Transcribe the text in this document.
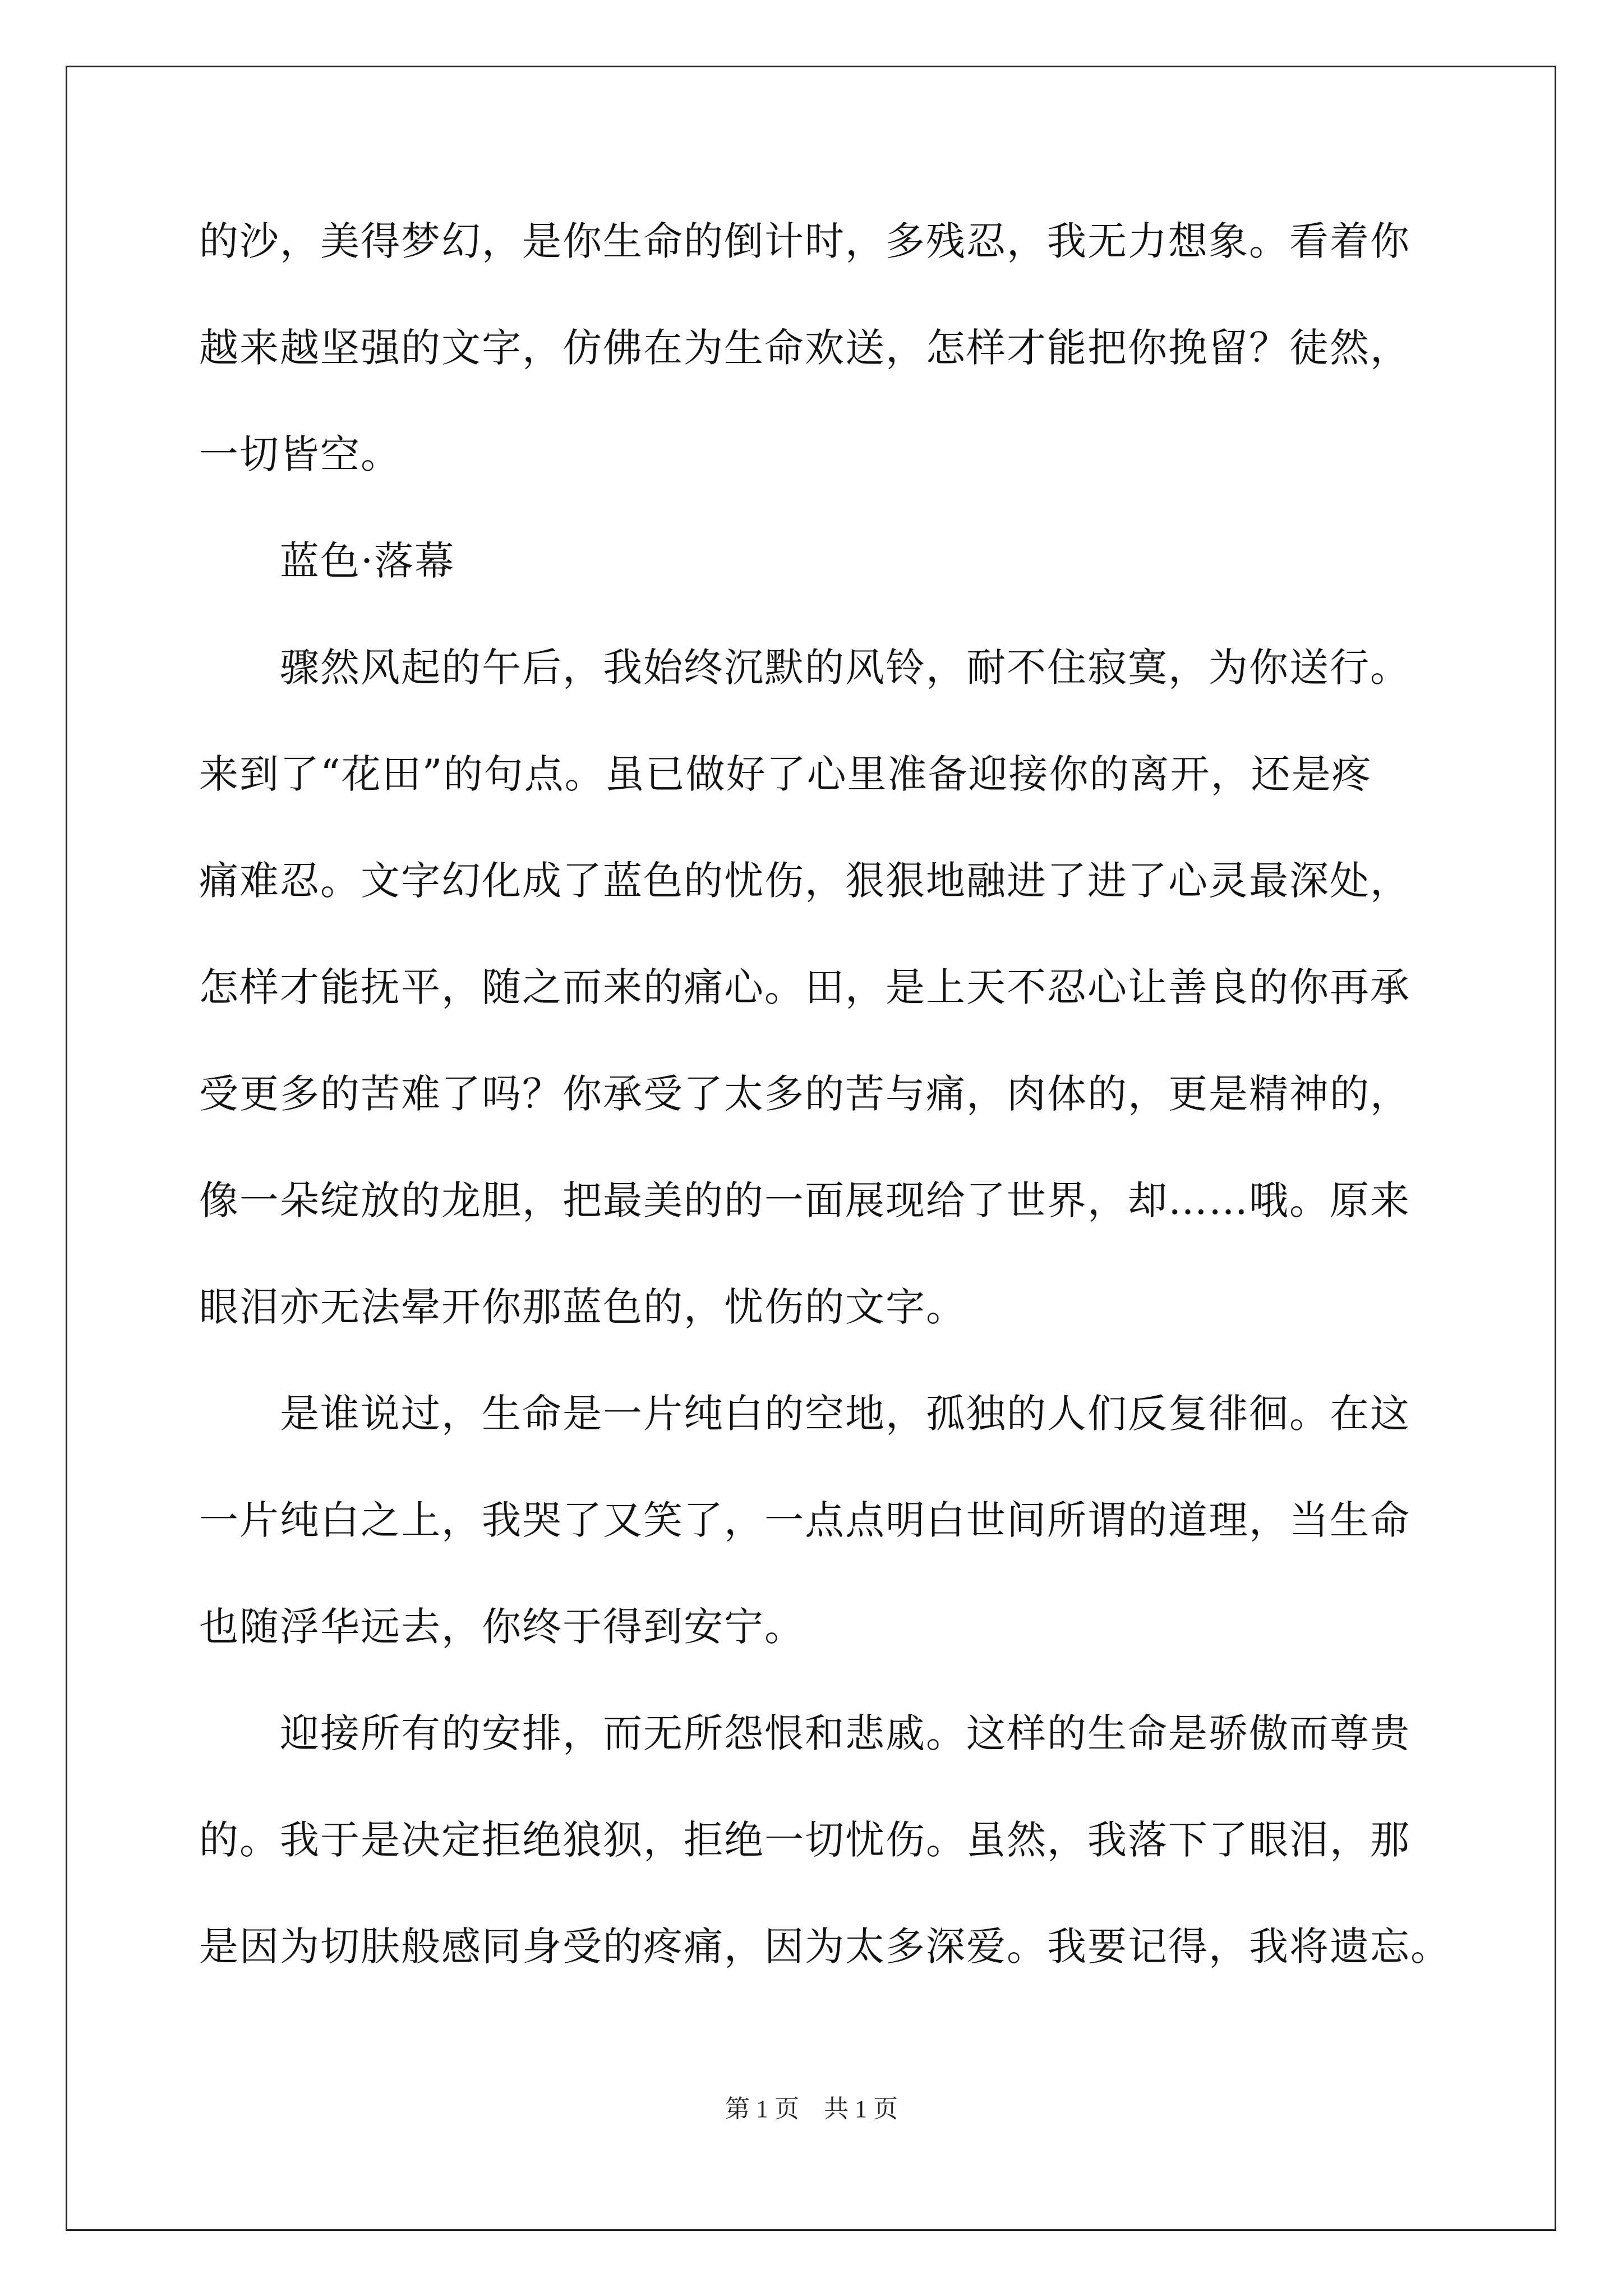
的沙，美得梦幻，是你生命的倒计时，多残忍，我无力想象。看着你
越来越坚强的文字，仿佛在为生命欢送，怎样才能把你挽留？徒然，
一切皆空。
　　蓝色·落幕
　　骤然风起的午后，我始终沉默的风铃，耐不住寂寞，为你送行。
来到了“花田”的句点。虽已做好了心里准备迎接你的离开，还是疼
痛难忍。文字幻化成了蓝色的忧伤，狠狠地融进了进了心灵最深处，
怎样才能抚平，随之而来的痛心。田，是上天不忍心让善良的你再承
受更多的苦难了吗？你承受了太多的苦与痛，肉体的，更是精神的，
像一朵绽放的龙胆，把最美的的一面展现给了世界，却……哦。原来
眼泪亦无法晕开你那蓝色的，忧伤的文字。
　　是谁说过，生命是一片纯白的空地，孤独的人们反复徘徊。在这
一片纯白之上，我哭了又笑了，一点点明白世间所谓的道理，当生命
也随浮华远去，你终于得到安宁。
　　迎接所有的安排，而无所怨恨和悲戚。这样的生命是骄傲而尊贵
的。我于是决定拒绝狼狈，拒绝一切忧伤。虽然，我落下了眼泪，那
是因为切肤般感同身受的疼痛，因为太多深爱。我要记得，我将遗忘。
第 1 页　共 1 页
